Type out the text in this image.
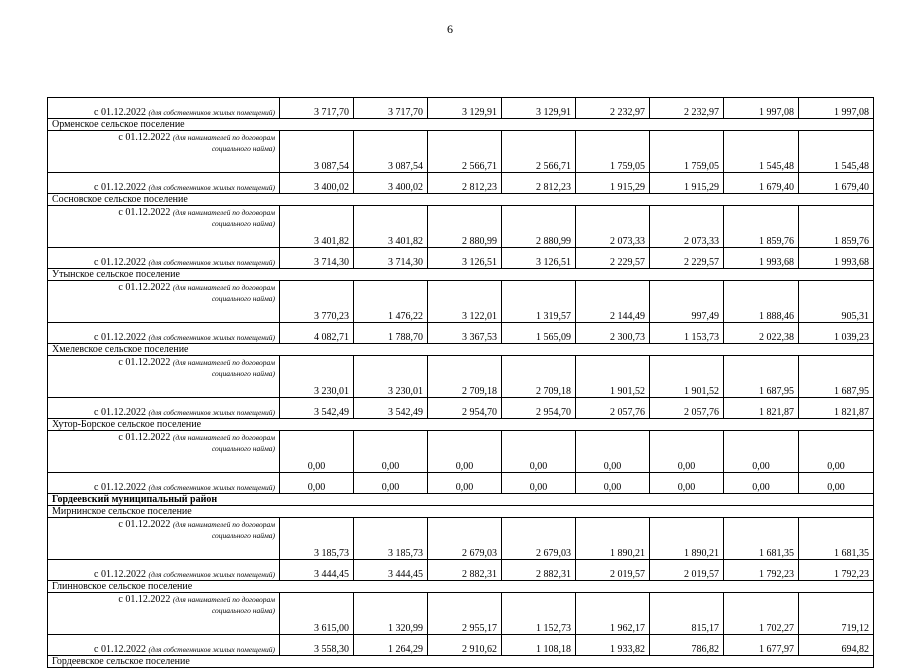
6
с 01.12.2022 (для собственников жилых помещений)	3 717,70	3 717,70	3 129,91	3 129,91	2 232,97	2 232,97	1 997,08	1 997,08
Орменское сельское поселение								

с 01.12.2022 (для нанимателей по договорам
социального найма)	3 087,54	3 087,54	2 566,71	2 566,71	1 759,05	1 759,05	1 545,48	1 545,48
с 01.12.2022 (для собственников жилых помещений)	3 400,02	3 400,02	2 812,23	2 812,23	1 915,29	1 915,29	1 679,40	1 679,40
Сосновское сельское поселение								

с 01.12.2022 (для нанимателей по договорам
социального найма)	3 401,82	3 401,82	2 880,99	2 880,99	2 073,33	2 073,33	1 859,76	1 859,76
с 01.12.2022 (для собственников жилых помещений)	3 714,30	3 714,30	3 126,51	3 126,51	2 229,57	2 229,57	1 993,68	1 993,68
Утынское сельское поселение								

с 01.12.2022 (для нанимателей по договорам
социального найма)	3 770,23	1 476,22	3 122,01	1 319,57	2 144,49	997,49	1 888,46	905,31
с 01.12.2022 (для собственников жилых помещений)	4 082,71	1 788,70	3 367,53	1 565,09	2 300,73	1 153,73	2 022,38	1 039,23
Хмелевское сельское поселение								

с 01.12.2022 (для нанимателей по договорам
социального найма)	3 230,01	3 230,01	2 709,18	2 709,18	1 901,52	1 901,52	1 687,95	1 687,95
с 01.12.2022 (для собственников жилых помещений)	3 542,49	3 542,49	2 954,70	2 954,70	2 057,76	2 057,76	1 821,87	1 821,87
Хутор-Борское сельское поселение								

с 01.12.2022 (для нанимателей по договорам
социального найма)	0,00	0,00	0,00	0,00	0,00	0,00	0,00	0,00
с 01.12.2022 (для собственников жилых помещений)	0,00	0,00	0,00	0,00	0,00	0,00	0,00	0,00
Гордеевский муниципальный район								
Мирнинское сельское поселение								

с 01.12.2022 (для нанимателей по договорам
социального найма)	3 185,73	3 185,73	2 679,03	2 679,03	1 890,21	1 890,21	1 681,35	1 681,35
с 01.12.2022 (для собственников жилых помещений)	3 444,45	3 444,45	2 882,31	2 882,31	2 019,57	2 019,57	1 792,23	1 792,23
Глинновское сельское поселение								

с 01.12.2022 (для нанимателей по договорам
социального найма)	3 615,00	1 320,99	2 955,17	1 152,73	1 962,17	815,17	1 702,27	719,12
с 01.12.2022 (для собственников жилых помещений)	3 558,30	1 264,29	2 910,62	1 108,18	1 933,82	786,82	1 677,97	694,82
Гордеевское сельское поселение								
